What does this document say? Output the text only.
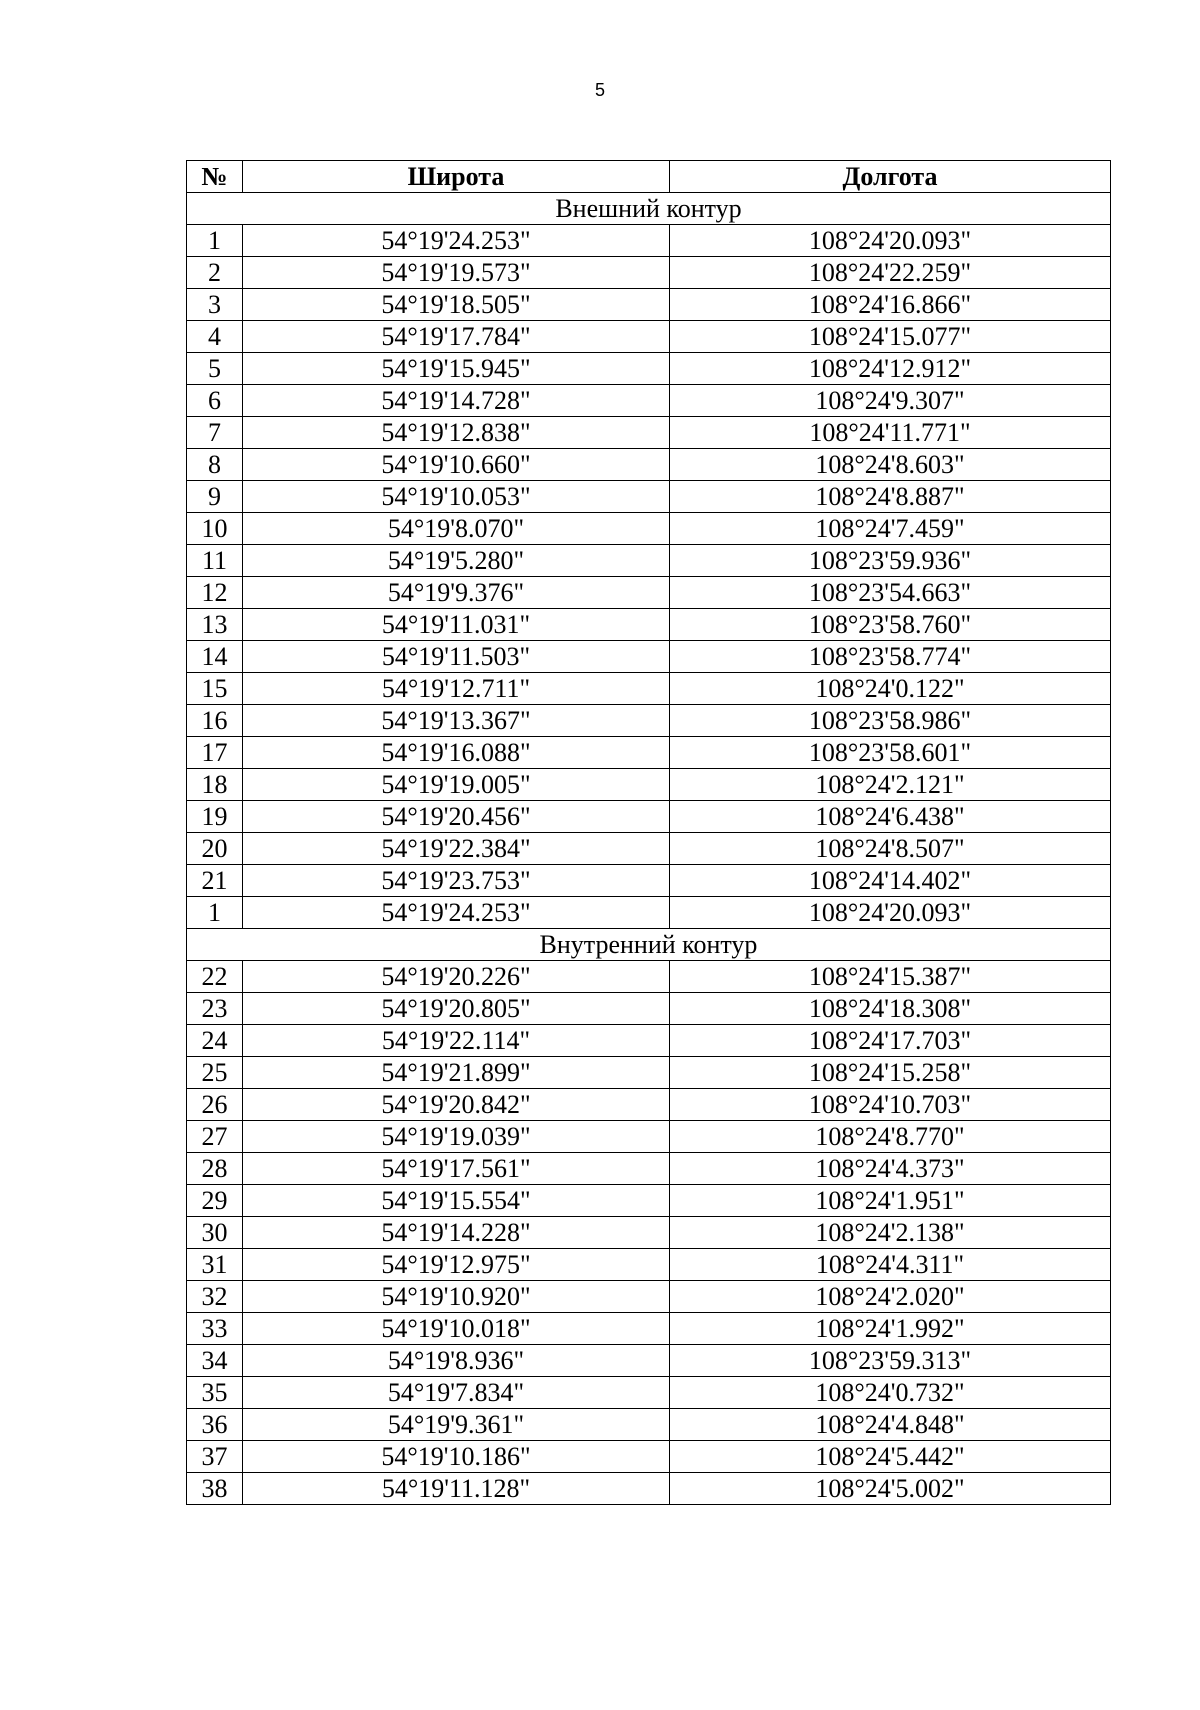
5
№	Широта	Долгота
Внешний контур		
1	54°19'24.253"	108°24'20.093"
2	54°19'19.573"	108°24'22.259"
3	54°19'18.505"	108°24'16.866"
4	54°19'17.784"	108°24'15.077"
5	54°19'15.945"	108°24'12.912"
6	54°19'14.728"	108°24'9.307"
7	54°19'12.838"	108°24'11.771"
8	54°19'10.660"	108°24'8.603"
9	54°19'10.053"	108°24'8.887"
10	54°19'8.070"	108°24'7.459"
11	54°19'5.280"	108°23'59.936"
12	54°19'9.376"	108°23'54.663"
13	54°19'11.031"	108°23'58.760"
14	54°19'11.503"	108°23'58.774"
15	54°19'12.711"	108°24'0.122"
16	54°19'13.367"	108°23'58.986"
17	54°19'16.088"	108°23'58.601"
18	54°19'19.005"	108°24'2.121"
19	54°19'20.456"	108°24'6.438"
20	54°19'22.384"	108°24'8.507"
21	54°19'23.753"	108°24'14.402"
1	54°19'24.253"	108°24'20.093"
Внутренний контур		
22	54°19'20.226"	108°24'15.387"
23	54°19'20.805"	108°24'18.308"
24	54°19'22.114"	108°24'17.703"
25	54°19'21.899"	108°24'15.258"
26	54°19'20.842"	108°24'10.703"
27	54°19'19.039"	108°24'8.770"
28	54°19'17.561"	108°24'4.373"
29	54°19'15.554"	108°24'1.951"
30	54°19'14.228"	108°24'2.138"
31	54°19'12.975"	108°24'4.311"
32	54°19'10.920"	108°24'2.020"
33	54°19'10.018"	108°24'1.992"
34	54°19'8.936"	108°23'59.313"
35	54°19'7.834"	108°24'0.732"
36	54°19'9.361"	108°24'4.848"
37	54°19'10.186"	108°24'5.442"
38	54°19'11.128"	108°24'5.002"
